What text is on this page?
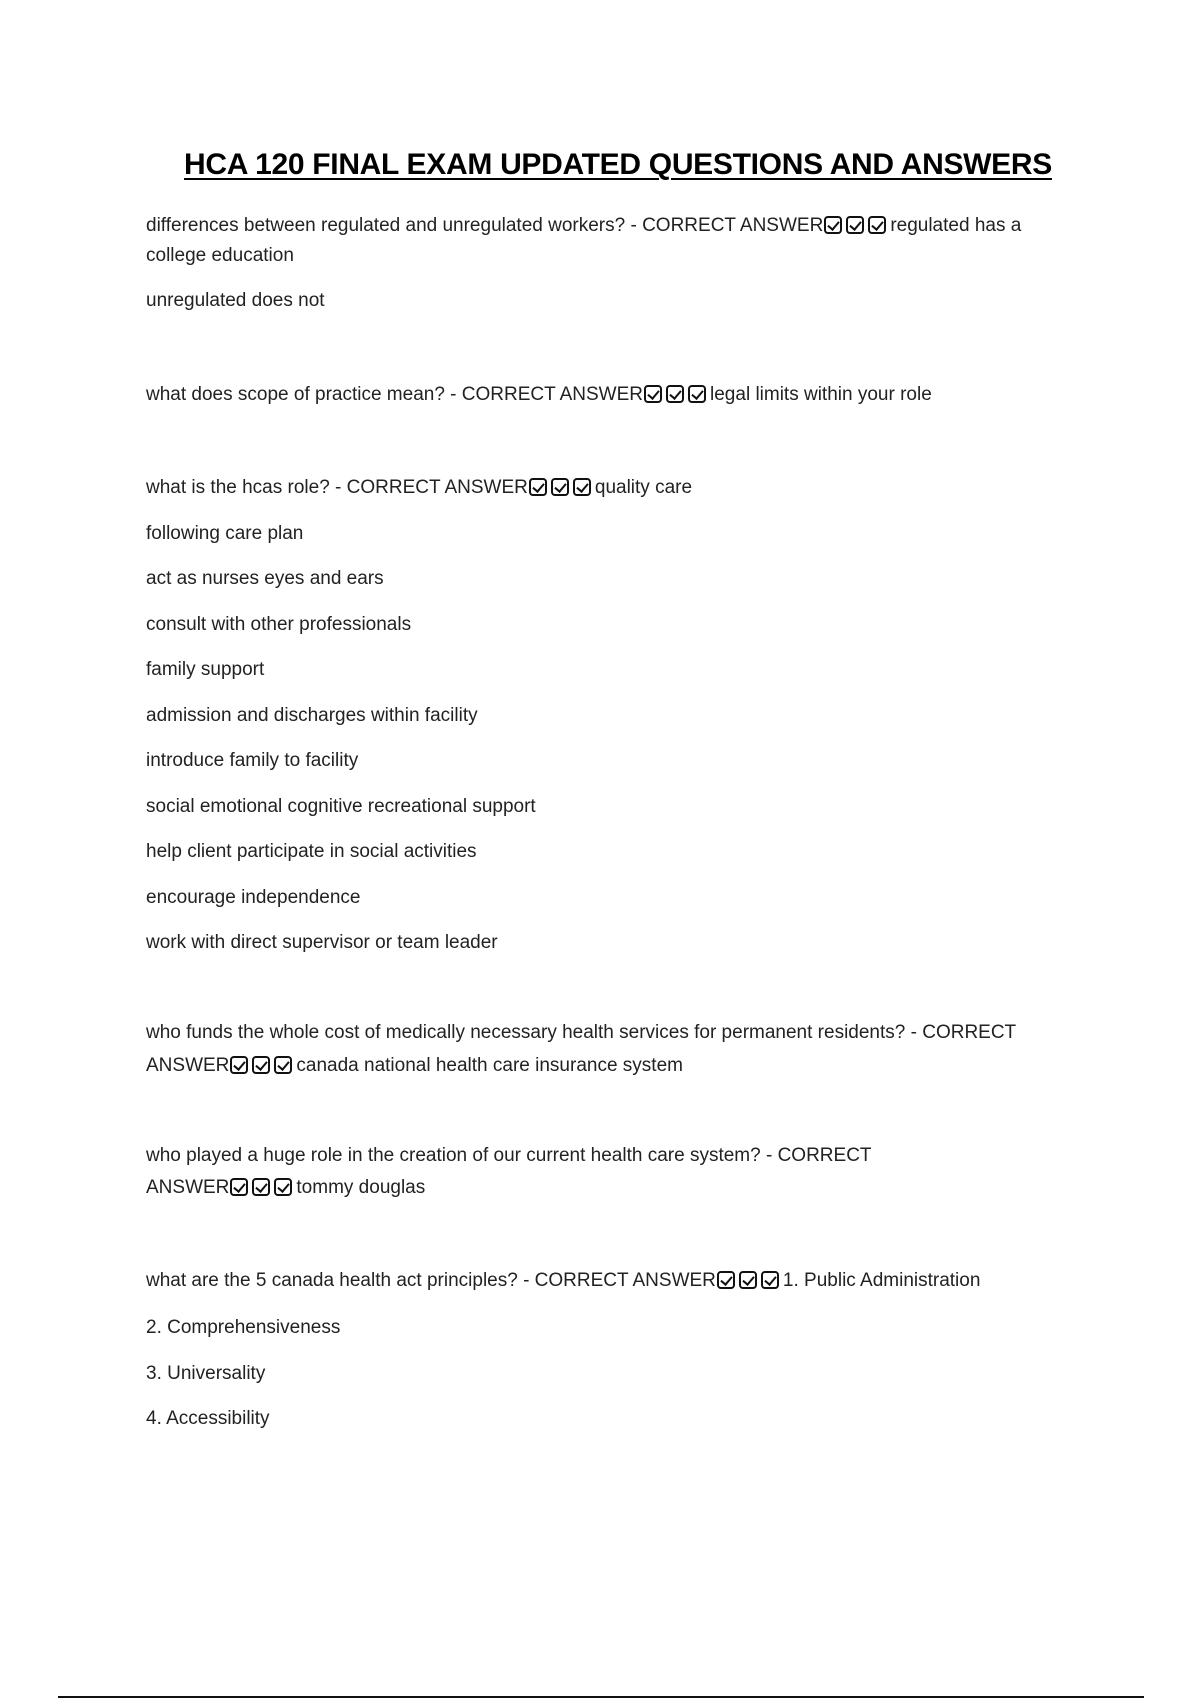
HCA 120 FINAL EXAM UPDATED QUESTIONS AND ANSWERS
differences between regulated and unregulated workers? - CORRECT ANSWER	regulated has a
college education
unregulated does not
what does scope of practice mean? - CORRECT ANSWER	legal limits within your role
what is the hcas role? - CORRECT ANSWER	quality care
following care plan
act as nurses eyes and ears
consult with other professionals
family support
admission and discharges within facility
introduce family to facility
social emotional cognitive recreational support
help client participate in social activities
encourage independence
work with direct supervisor or team leader
who funds the whole cost of medically necessary health services for permanent residents? - CORRECT
ANSWER	canada national health care insurance system
who played a huge role in the creation of our current health care system? - CORRECT
ANSWER	tommy douglas
what are the 5 canada health act principles? - CORRECT ANSWER	1. Public Administration
2. Comprehensiveness
3. Universality
4. Accessibility
